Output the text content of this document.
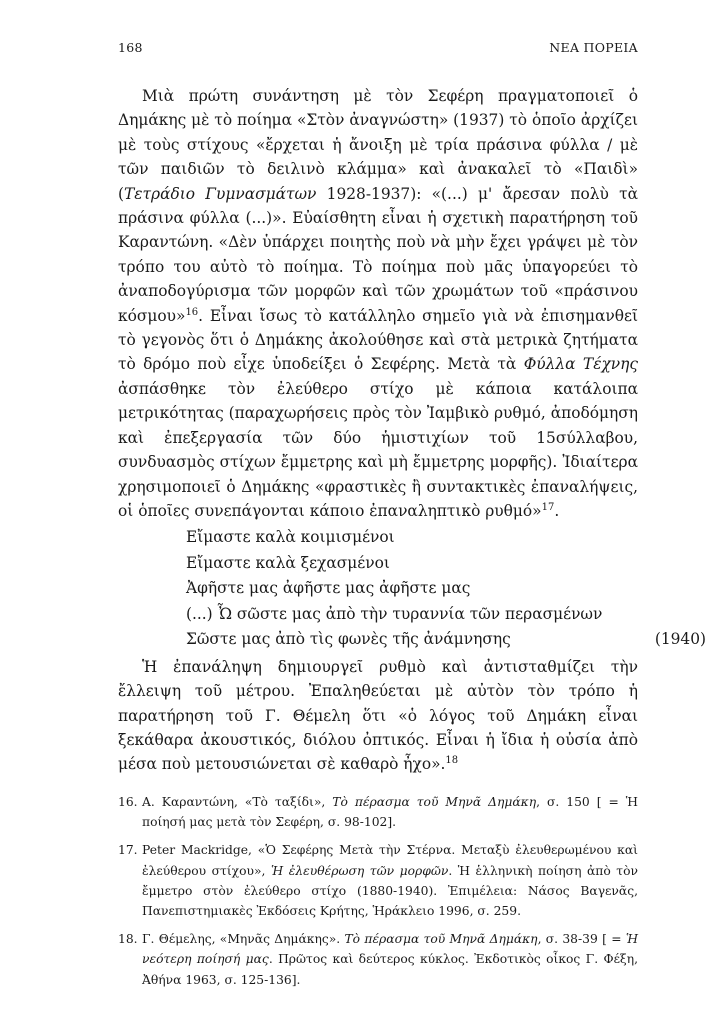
168	ΝΕΑ ΠΟΡΕΙΑ

Μιὰ πρώτη συνάντηση μὲ τὸν Σεφέρη πραγματοποιεῖ ὁ Δημάκης μὲ τὸ ποίημα «Στὸν ἀναγνώστη» (1937) τὸ ὁποῖο ἀρχίζει μὲ τοὺς στίχους «ἔρχεται ἡ ἄνοιξη μὲ τρία πράσινα φύλλα / μὲ τῶν παιδιῶν τὸ δειλινὸ κλάμμα» καὶ ἀνακαλεῖ τὸ «Παιδὶ» (Τετράδιο Γυμνασμάτων 1928-1937): «(...) μ' ἄρεσαν πολὺ τὰ πράσινα φύλλα (...)». Εὐαίσθητη εἶναι ἡ σχετικὴ παρατήρηση τοῦ Καραντώνη. «Δὲν ὑπάρχει ποιητὴς ποὺ νὰ μὴν ἔχει γράψει μὲ τὸν τρόπο του αὐτὸ τὸ ποίημα. Τὸ ποίημα ποὺ μᾶς ὑπαγορεύει τὸ ἀναποδογύρισμα τῶν μορφῶν καὶ τῶν χρωμάτων τοῦ «πράσινου κόσμου»$^{16}$. Εἶναι ἴσως τὸ κατάλληλο σημεῖο γιὰ νὰ ἐπισημανθεῖ τὸ γεγονὸς ὅτι ὁ Δημάκης ἀκολούθησε καὶ στὰ μετρικὰ ζητήματα τὸ δρόμο ποὺ εἶχε ὑποδείξει ὁ Σεφέρης. Μετὰ τὰ Φύλλα Τέχνης ἀσπάσθηκε τὸν ἐλεύθερο στίχο μὲ κάποια κατάλοιπα μετρικότητας (παραχωρήσεις πρὸς τὸν Ἰαμβικὸ ρυθμό, ἀποδόμηση καὶ ἐπεξεργασία τῶν δύο ἡμιστιχίων τοῦ 15σύλλαβου, συνδυασμὸς στίχων ἔμμετρης καὶ μὴ ἔμμετρης μορφῆς). Ἰδιαίτερα χρησιμοποιεῖ ὁ Δημάκης «φραστικὲς ἢ συντακτικὲς ἐπαναλήψεις, οἱ ὁποῖες συνεπάγονται κάποιο ἐπαναληπτικὸ ρυθμό»$^{17}$.

Εἴμαστε καλὰ κοιμισμένοι
Εἴμαστε καλὰ ξεχασμένοι
Ἀφῆστε μας ἀφῆστε μας ἀφῆστε μας
(...) Ὦ σῶστε μας ἀπὸ τὴν τυραννία τῶν περασμένων
Σῶστε μας ἀπὸ τὶς φωνὲς τῆς ἀνάμνησης	(1940)

Ἡ ἐπανάληψη δημιουργεῖ ρυθμὸ καὶ ἀντισταθμίζει τὴν ἔλλειψη τοῦ μέτρου. Ἐπαληθεύεται μὲ αὐτὸν τὸν τρόπο ἡ παρατήρηση τοῦ Γ. Θέμελη ὅτι «ὁ λόγος τοῦ Δημάκη εἶναι ξεκάθαρα ἀκουστικός, διόλου ὀπτικός. Εἶναι ἡ ἴδια ἡ οὐσία ἀπὸ μέσα ποὺ μετουσιώνεται σὲ καθαρὸ ἦχο».$^{18}$

16. Α. Καραντώνη, «Τὸ ταξίδι», Τὸ πέρασμα τοῦ Μηνᾶ Δημάκη, σ. 150 [ = Ἡ ποίησή μας μετὰ τὸν Σεφέρη, σ. 98-102].

17. Peter Mackridge, «Ὁ Σεφέρης Μετὰ τὴν Στέρνα. Μεταξὺ ἐλευθερωμένου καὶ ἐλεύθερου στίχου», Ἡ ἐλευθέρωση τῶν μορφῶν. Ἡ ἑλληνικὴ ποίηση ἀπὸ τὸν ἔμμετρο στὸν ἐλεύθερο στίχο (1880-1940). Ἐπιμέλεια: Νάσος Βαγενᾶς, Πανεπιστημιακὲς Ἐκδόσεις Κρήτης, Ἡράκλειο 1996, σ. 259.

18. Γ. Θέμελης, «Μηνᾶς Δημάκης». Τὸ πέρασμα τοῦ Μηνᾶ Δημάκη, σ. 38-39 [ = Ἡ νεότερη ποίησή μας. Πρῶτος καὶ δεύτερος κύκλος. Ἐκδοτικὸς οἶκος Γ. Φέξη, Ἀθήνα 1963, σ. 125-136].
